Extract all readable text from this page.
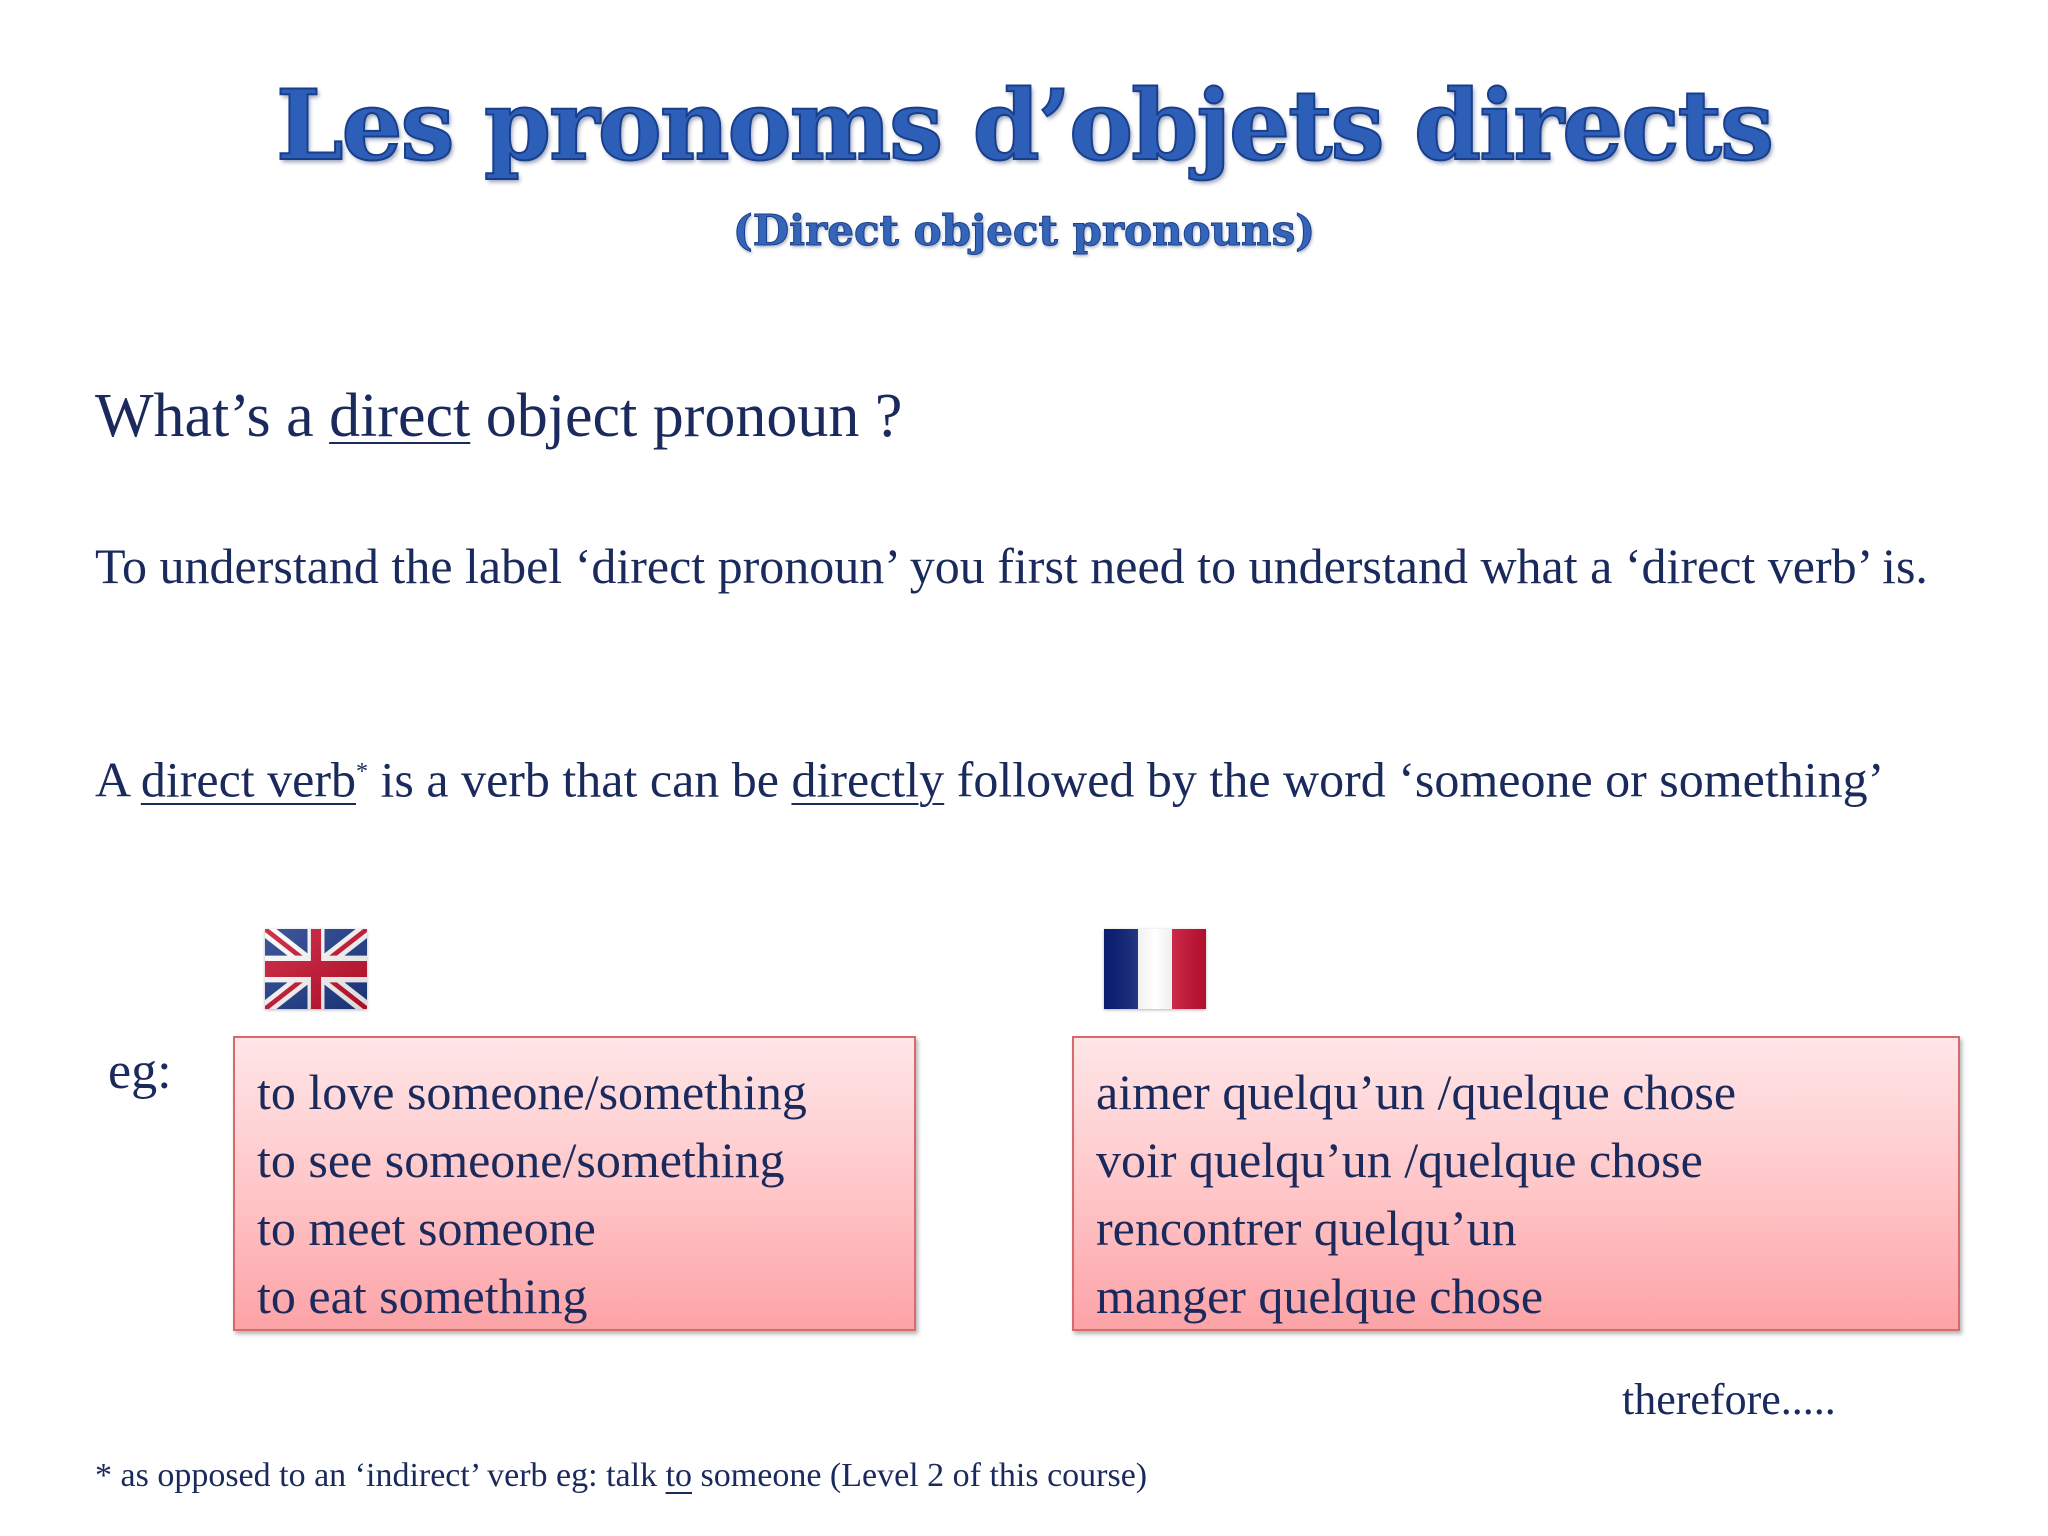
Les pronoms d’objets directs
(Direct object pronouns)
What’s a direct object pronoun ?
To understand the label ‘direct pronoun’ you first need to understand what a ‘direct verb’ is.
A direct verb* is a verb that can be directly followed by the word ‘someone or something’
eg: to love someone/something
to see someone/something
to meet someone
to eat something
aimer quelqu’un /quelque chose
voir quelqu’un /quelque chose
rencontrer quelqu’un
manger quelque chose
therefore.....
* as opposed to an ‘indirect’ verb eg: talk to someone (Level 2 of this course)
